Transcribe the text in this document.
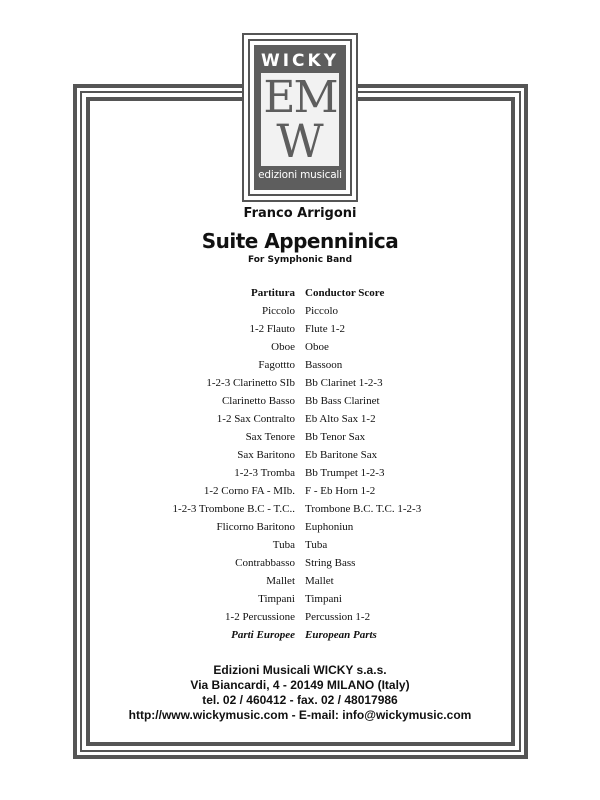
WICKY
EM
W
edizioni musicali
Franco Arrigoni
Suite Appenninica
For Symphonic Band
Partitura Conductor Score
Piccolo Piccolo
1-2 Flauto Flute 1-2
Oboe Oboe
Fagottto Bassoon
1-2-3 Clarinetto SIb Bb Clarinet 1-2-3
Clarinetto Basso Bb Bass Clarinet
1-2 Sax Contralto Eb Alto Sax 1-2
Sax Tenore Bb Tenor Sax
Sax Baritono Eb Baritone Sax
1-2-3 Tromba Bb Trumpet 1-2-3
1-2 Corno FA - MIb. F - Eb Horn 1-2
1-2-3 Trombone B.C - T.C.. Trombone B.C. T.C. 1-2-3
Flicorno Baritono Euphoniun
Tuba Tuba
Contrabbasso String Bass
Mallet Mallet
Timpani Timpani
1-2 Percussione Percussion 1-2
Parti Europee European Parts
Edizioni Musicali WICKY s.a.s.
Via Biancardi, 4 - 20149 MILANO (Italy)
tel. 02 / 460412 - fax. 02 / 48017986
http://www.wickymusic.com - E-mail: info@wickymusic.com
